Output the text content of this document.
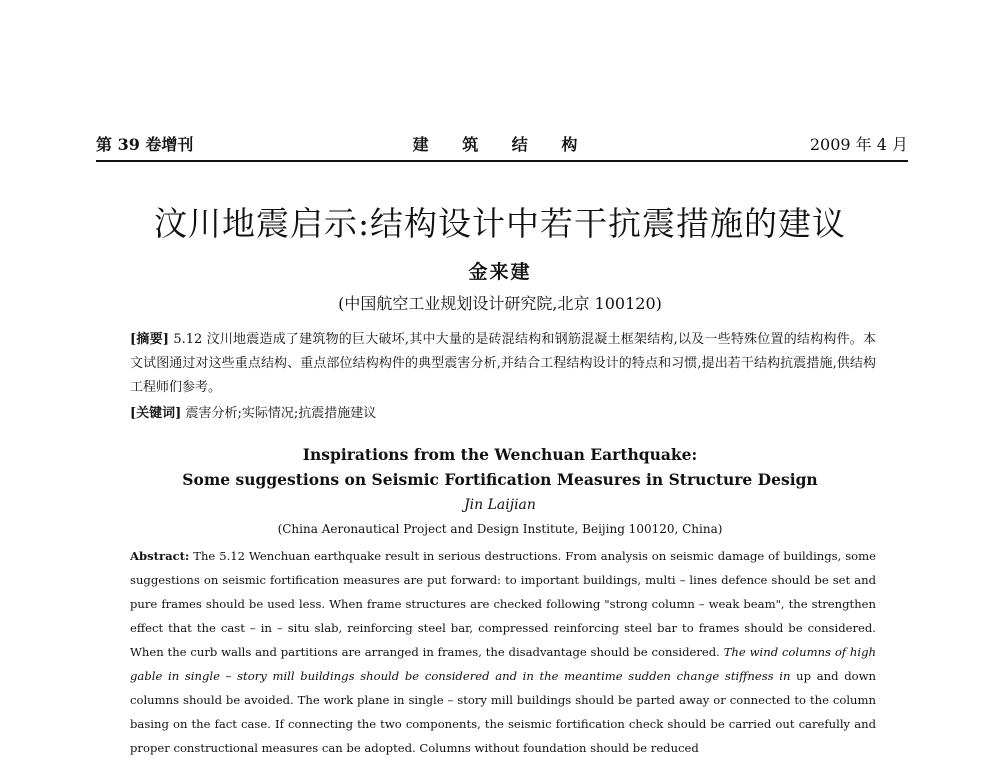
第 39 卷增刊	建 筑 结 构	2009 年 4 月
汶川地震启示:结构设计中若干抗震措施的建议
金来建
(中国航空工业规划设计研究院,北京 100120)
[摘要] 5.12 汶川地震造成了建筑物的巨大破坏,其中大量的是砖混结构和钢筋混凝土框架结构,以及一些特殊位置的结构构件。本文试图通过对这些重点结构、重点部位结构构件的典型震害分析,并结合工程结构设计的特点和习惯,提出若干结构抗震措施,供结构工程师们参考。
[关键词] 震害分析;实际情况;抗震措施建议
Inspirations from the Wenchuan Earthquake:
Some suggestions on Seismic Fortification Measures in Structure Design
Jin Laijian
(China Aeronautical Project and Design Institute, Beijing 100120, China)
Abstract: The 5.12 Wenchuan earthquake result in serious destructions. From analysis on seismic damage of buildings, some suggestions on seismic fortification measures are put forward: to important buildings, multi – lines defence should be set and pure frames should be used less. When frame structures are checked following "strong column – weak beam", the strengthen effect that the cast – in – situ slab, reinforcing steel bar, compressed reinforcing steel bar to frames should be considered. When the curb walls and partitions are arranged in frames, the disadvantage should be considered. The wind columns of high gable in single – story mill buildings should be considered and in the meantime sudden change stiffness in up and down columns should be avoided. The work plane in single – story mill buildings should be parted away or connected to the column basing on the fact case. If connecting the two components, the seismic fortification check should be carried out carefully and proper constructional measures can be adopted. Columns without foundation should be reduced
